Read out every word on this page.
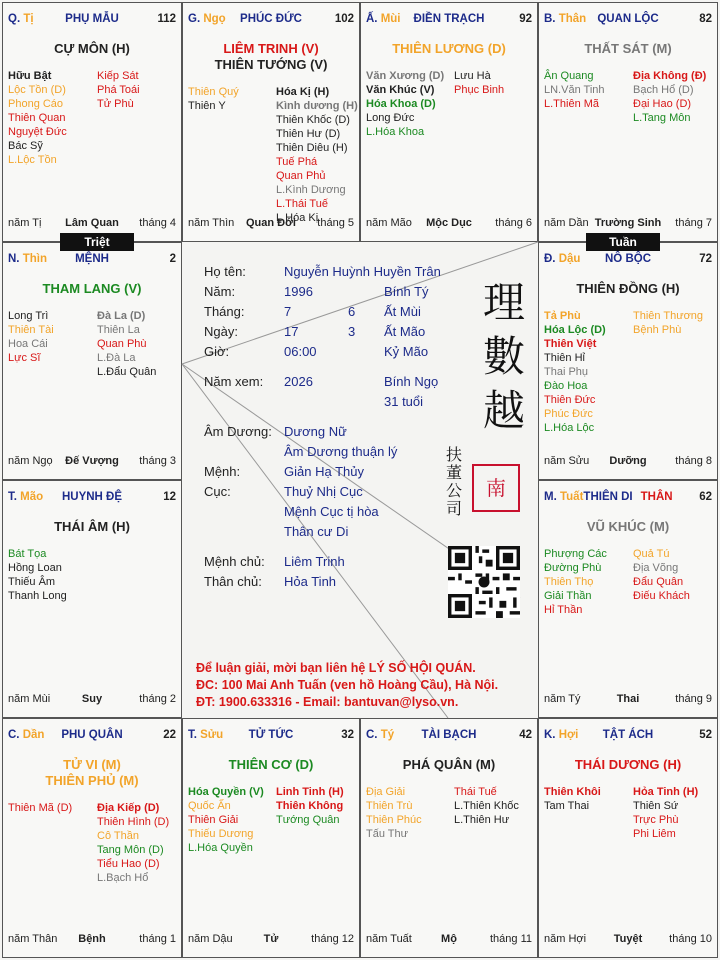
Q. Tị	PHỤ MẪU	112
CỰ MÔN (H)
Hữu Bật
Lộc Tồn (D)
Phong Cáo
Thiên Quan
Nguyệt Đức
Bác Sỹ
L.Lộc Tồn
Kiếp Sát
Phá Toái
Tử Phù
năm Tị	Lâm Quan	tháng 4
G. Ngọ	PHÚC ĐỨC	102
LIÊM TRINH (V)
THIÊN TƯỚNG (V)
Thiên Quý
Thiên Y
Hóa Kị (H)
Kình dương (H)
Thiên Khốc (D)
Thiên Hư (D)
Thiên Diêu (H)
Tuế Phá
Quan Phủ
L.Kình Dương
L.Thái Tuế
L.Hóa Kị
năm Thìn	Quan Đới	tháng 5
Ấ. Mùi	ĐIỀN TRẠCH	92
THIÊN LƯƠNG (D)
Văn Xương (D)
Văn Khúc (V)
Hóa Khoa (D)
Long Đức
L.Hóa Khoa
Lưu Hà
Phục Binh
năm Mão	Mộc Dục	tháng 6
B. Thân QUAN LỘC	82
THẤT SÁT (M)
Ân Quang
LN.Văn Tinh
L.Thiên Mã
Địa Không (Đ)
Bạch Hổ (D)
Đại Hao (D)
L.Tang Môn
năm Dần Trường Sinh	tháng 7
N. Thìn	MỆNH	2
THAM LANG (V)
Long Trì
Thiên Tài
Hoa Cái
Lực Sĩ
Đà La (D)
Thiên La
Quan Phù
L.Đà La
L.Đẩu Quân
năm Ngọ	Đế Vượng	tháng 3
Đ. Dậu	NÔ BỘC	72
THIÊN ĐỒNG (H)
Tả Phù
Hóa Lộc (D)
Thiên Việt
Thiên Hỉ
Thai Phụ
Đào Hoa
Thiên Đức
Phúc Đức
L.Hóa Lộc
Thiên Thương
Bệnh Phù
năm Sửu	Dưỡng	tháng 8
T. Mão	HUYNH ĐỆ	12
THÁI ÂM (H)
Bát Tọa
Hồng Loan
Thiếu Âm
Thanh Long
năm Mùi	Suy	tháng 2
M. Tuất THIÊN DI THÂN	62
VŨ KHÚC (M)
Phượng Các
Đường Phù
Thiên Thọ
Giải Thần
Hỉ Thần
Quả Tú
Địa Võng
Đẩu Quân
Điếu Khách
năm Tý	Thai	tháng 9
C. Dần	PHU QUÂN	22
TỬ VI (M)
THIÊN PHỦ (M)
Thiên Mã (D) Địa Kiếp (D)
Thiên Hình (D)
Cô Thần
Tang Môn (D)
Tiểu Hao (D)
L.Bạch Hổ
năm Thân	Bệnh	tháng 1
T. Sửu	TỬ TỨC	32
THIÊN CƠ (D)
Hóa Quyền (V)
Quốc Ấn
Thiên Giải
Thiếu Dương
L.Hóa Quyền
Linh Tinh (H)
Thiên Không
Tướng Quân
năm Dậu	Tử	tháng 12
C. Tý	TÀI BẠCH	42
PHÁ QUÂN (M)
Địa Giải
Thiên Trù
Thiên Phúc
Tấu Thư
Thái Tuế
L.Thiên Khốc
L.Thiên Hư
năm Tuất	Mộ	tháng 11
K. Hợi	TẬT ÁCH	52
THÁI DƯƠNG (H)
Thiên Khôi
Tam Thai
Hỏa Tinh (H)
Thiên Sứ
Trực Phù
Phi Liêm
năm Hợi	Tuyệt	tháng 10
Triệt	Tuần
Họ tên:	Nguyễn Huỳnh Huyền Trân
Năm:	1996	Bính Tý
Tháng:	7	6 Ất Mùi
Ngày:	17	3 Ất Mão
Giờ:	06:00	Kỷ Mão
Năm xem: 2026	Bính Ngọ
31 tuổi
Âm Dương: Dương Nữ
Âm Dương thuận lý
Mệnh:	Giản Hạ Thủy
Cục:	Thuỷ Nhị Cục
Mệnh Cục tị hòa
Thân cư Di
Mệnh chủ: Liêm Trinh
Thân chủ: Hỏa Tinh
理
數
越
扶
董
公
司
南
Để luận giải, mời bạn liên hệ LÝ SỐ HỘI QUÁN.
ĐC: 100 Mai Anh Tuấn (ven hồ Hoàng Cầu), Hà Nội.
ĐT: 1900.633316 - Email: bantuvan@lyso.vn.
